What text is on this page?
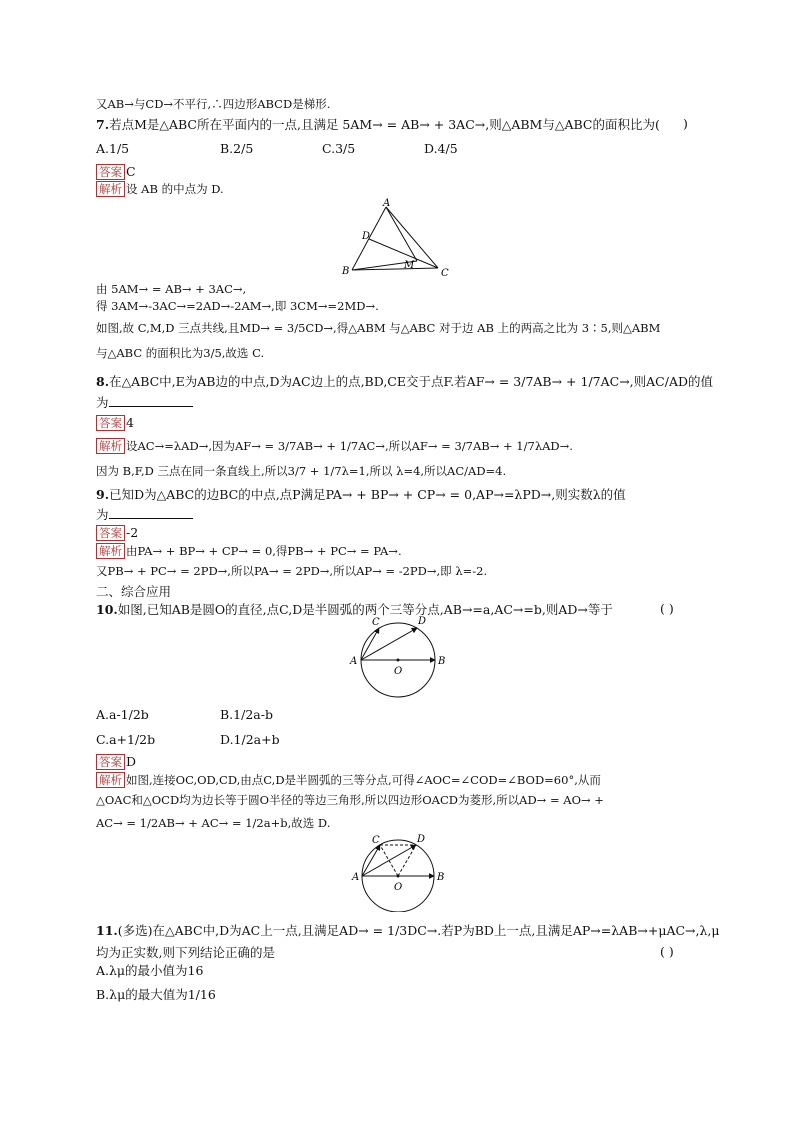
又AB→与CD→不平行,∴四边形ABCD是梯形.
7.若点M是△ABC所在平面内的一点,且满足 5AM→ = AB→ + 3AC→,则△ABM与△ABC的面积比为( )
A.1/5	B.2/5	C.3/5	D.4/5
答案 C
解析 设 AB 的中点为 D.
A
B	C
D
M
由 5AM→ = AB→ + 3AC→,
得 3AM→-3AC→=2AD→-2AM→,即 3CM→=2MD→.
如图,故 C,M,D 三点共线,且MD→ = 3/5CD→,得△ABM 与△ABC 对于边 AB 上的两高之比为 3∶5,则△ABM
与△ABC 的面积比为3/5,故选 C.
8.在△ABC中,E为AB边的中点,D为AC边上的点,BD,CE交于点F.若AF→ = 3/7AB→ + 1/7AC→,则AC/AD的值
为
答案 4
解析 设AC→=λAD→,因为AF→ = 3/7AB→ + 1/7AC→,所以AF→ = 3/7AB→ + 1/7λAD→.
因为 B,F,D 三点在同一条直线上,所以3/7 + 1/7λ=1,所以 λ=4,所以AC/AD=4.
9.已知D为△ABC的边BC的中点,点P满足PA→ + BP→ + CP→ = 0,AP→=λPD→,则实数λ的值
为
答案 -2
解析 由PA→ + BP→ + CP→ = 0,得PB→ + PC→ = PA→.
又PB→ + PC→ = 2PD→,所以PA→ = 2PD→,所以AP→ = -2PD→,即 λ=-2.
二、综合应用
10.如图,已知AB是圆O的直径,点C,D是半圆弧的两个三等分点,AB→=a,AC→=b,则AD→等于	( )
A	B
C	D
O
A.a-1/2b	B.1/2a-b
C.a+1/2b	D.1/2a+b
答案 D
解析 如图,连接OC,OD,CD,由点C,D是半圆弧的三等分点,可得∠AOC=∠COD=∠BOD=60°,从而
△OAC和△OCD均为边长等于圆O半径的等边三角形,所以四边形OACD为菱形,所以AD→ = AO→ +
AC→ = 1/2AB→ + AC→ = 1/2a+b,故选 D.
A	B
C	D
O
11.(多选)在△ABC中,D为AC上一点,且满足AD→ = 1/3DC→.若P为BD上一点,且满足AP→=λAB→+μAC→,λ,μ
均为正实数,则下列结论正确的是	( )
A.λμ的最小值为16
B.λμ的最大值为1/16
